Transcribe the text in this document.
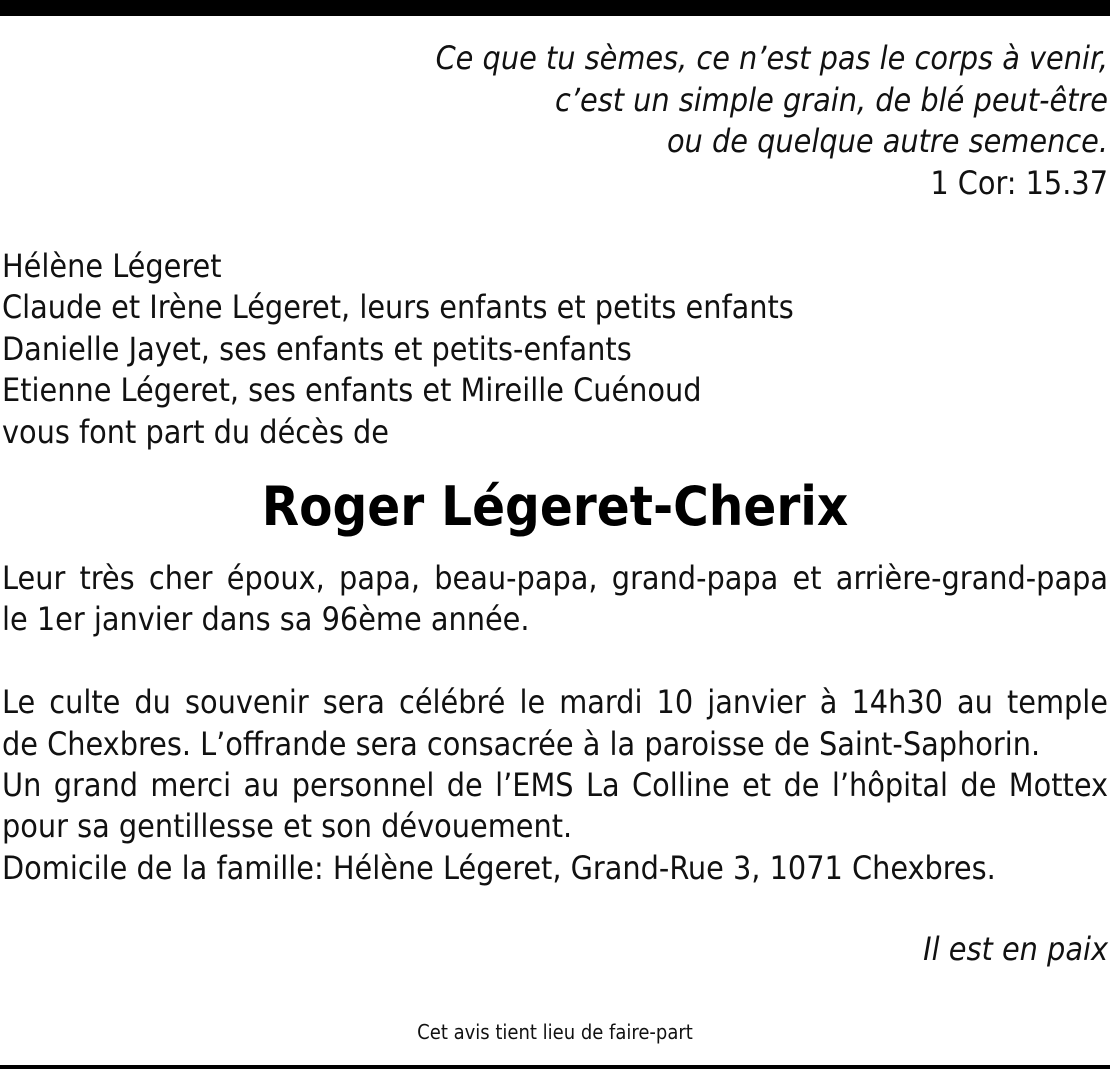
Ce que tu sèmes, ce n’est pas le corps à venir,
c’est un simple grain, de blé peut-être
ou de quelque autre semence.
1 Cor: 15.37
Hélène Légeret
Claude et Irène Légeret, leurs enfants et petits enfants
Danielle Jayet, ses enfants et petits-enfants
Etienne Légeret, ses enfants et Mireille Cuénoud
vous font part du décès de
Roger Légeret-Cherix
Leur très cher époux, papa, beau-papa, grand-papa et arrière-grand-papa
le 1er janvier dans sa 96ème année.
Le culte du souvenir sera célébré le mardi 10 janvier à 14h30 au temple
de Chexbres. L’offrande sera consacrée à la paroisse de Saint-Saphorin.
Un grand merci au personnel de l’EMS La Colline et de l’hôpital de Mottex
pour sa gentillesse et son dévouement.
Domicile de la famille: Hélène Légeret, Grand-Rue 3, 1071 Chexbres.
Il est en paix
Cet avis tient lieu de faire-part
